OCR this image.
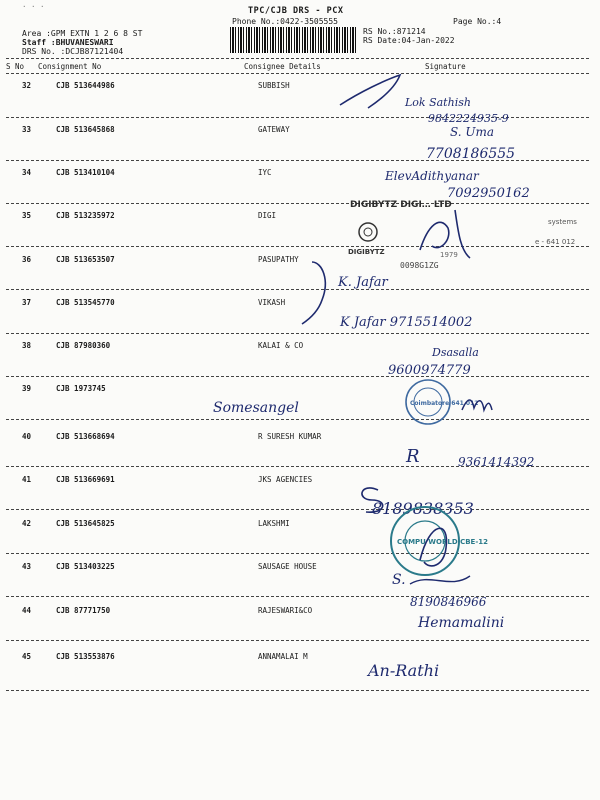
· · ·	TPC/CJB DRS - PCX
Phone No.:0422-3505555	Page No.:4
RS No.:871214
RS Date:04-Jan-2022
Area :GPM EXTN 1 2 6 8 ST
Staff :BHUVANESWARI
DRS No. :DCJB87121404
S No Consignment No	Consignee Details	Signature
32	CJB 513644986	SUBBISH
33	CJB 513645868	GATEWAY
34	CJB 513410104	IYC
35	CJB 513235972	DIGI
36	CJB 513653507	PASUPATHY
37	CJB 513545770	VIKASH
38	CJB 87980360	KALAI & CO
39	CJB 1973745
40	CJB 513668694	R SURESH KUMAR
41	CJB 513669691	JKS AGENCIES
42	CJB 513645825	LAKSHMI
43	CJB 513403225	SAUSAGE HOUSE
44	CJB 87771750	RAJESWARI&CO
45	CJB 513553876	ANNAMALAI M
Lok Sathish
9842224935-9
S. Uma
7708186555
ElevAdithyanar
7092950162
DIGIBYTZ DIGI… LTD
systems
e - 641 012
1979
DIGIBYTZ
0098G1ZG
K. Jafar
K Jafar 9715514002
Dsasalla
9600974779
Somesangel	Coimbatore 641 012
R	9361414392
8189838353
COMPU WORLD CBE-12
S.
8190846966
Hemamalini
An-Rathi
